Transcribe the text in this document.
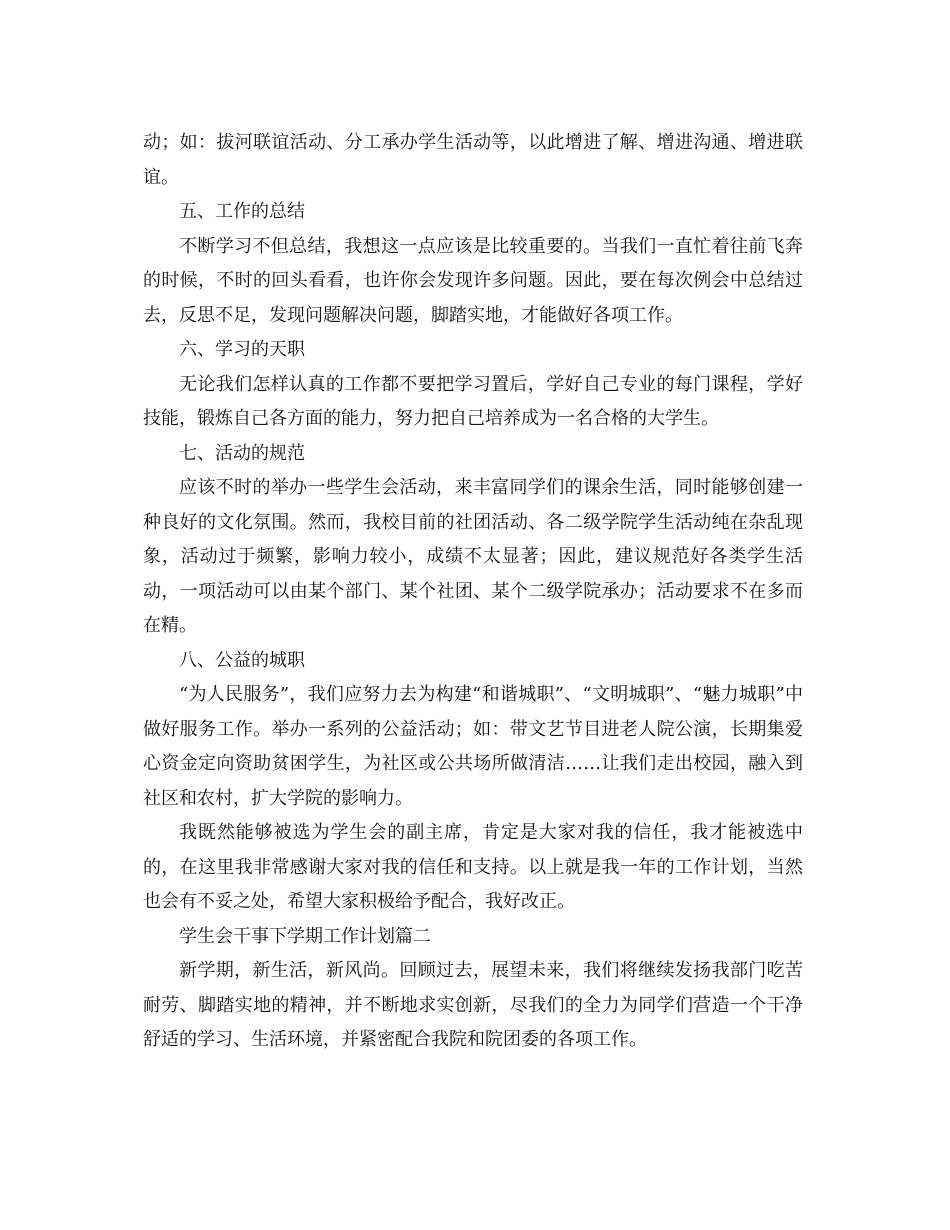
动；如：拔河联谊活动、分工承办学生活动等，以此增进了解、增进沟通、增进联谊。

五、工作的总结

不断学习不但总结，我想这一点应该是比较重要的。当我们一直忙着往前飞奔的时候，不时的回头看看，也许你会发现许多问题。因此，要在每次例会中总结过去，反思不足，发现问题解决问题，脚踏实地，才能做好各项工作。

六、学习的天职

无论我们怎样认真的工作都不要把学习置后，学好自己专业的每门课程，学好技能，锻炼自己各方面的能力，努力把自己培养成为一名合格的大学生。

七、活动的规范

应该不时的举办一些学生会活动，来丰富同学们的课余生活，同时能够创建一种良好的文化氛围。然而，我校目前的社团活动、各二级学院学生活动纯在杂乱现象，活动过于频繁，影响力较小，成绩不太显著；因此，建议规范好各类学生活动，一项活动可以由某个部门、某个社团、某个二级学院承办；活动要求不在多而在精。

八、公益的城职

“为人民服务”，我们应努力去为构建“和谐城职”、“文明城职”、“魅力城职”中做好服务工作。举办一系列的公益活动；如：带文艺节目进老人院公演，长期集爱心资金定向资助贫困学生，为社区或公共场所做清洁……让我们走出校园，融入到社区和农村，扩大学院的影响力。

我既然能够被选为学生会的副主席，肯定是大家对我的信任，我才能被选中的，在这里我非常感谢大家对我的信任和支持。以上就是我一年的工作计划，当然也会有不妥之处，希望大家积极给予配合，我好改正。

学生会干事下学期工作计划篇二

新学期，新生活，新风尚。回顾过去，展望未来，我们将继续发扬我部门吃苦耐劳、脚踏实地的精神，并不断地求实创新，尽我们的全力为同学们营造一个干净舒适的学习、生活环境，并紧密配合我院和院团委的各项工作。
